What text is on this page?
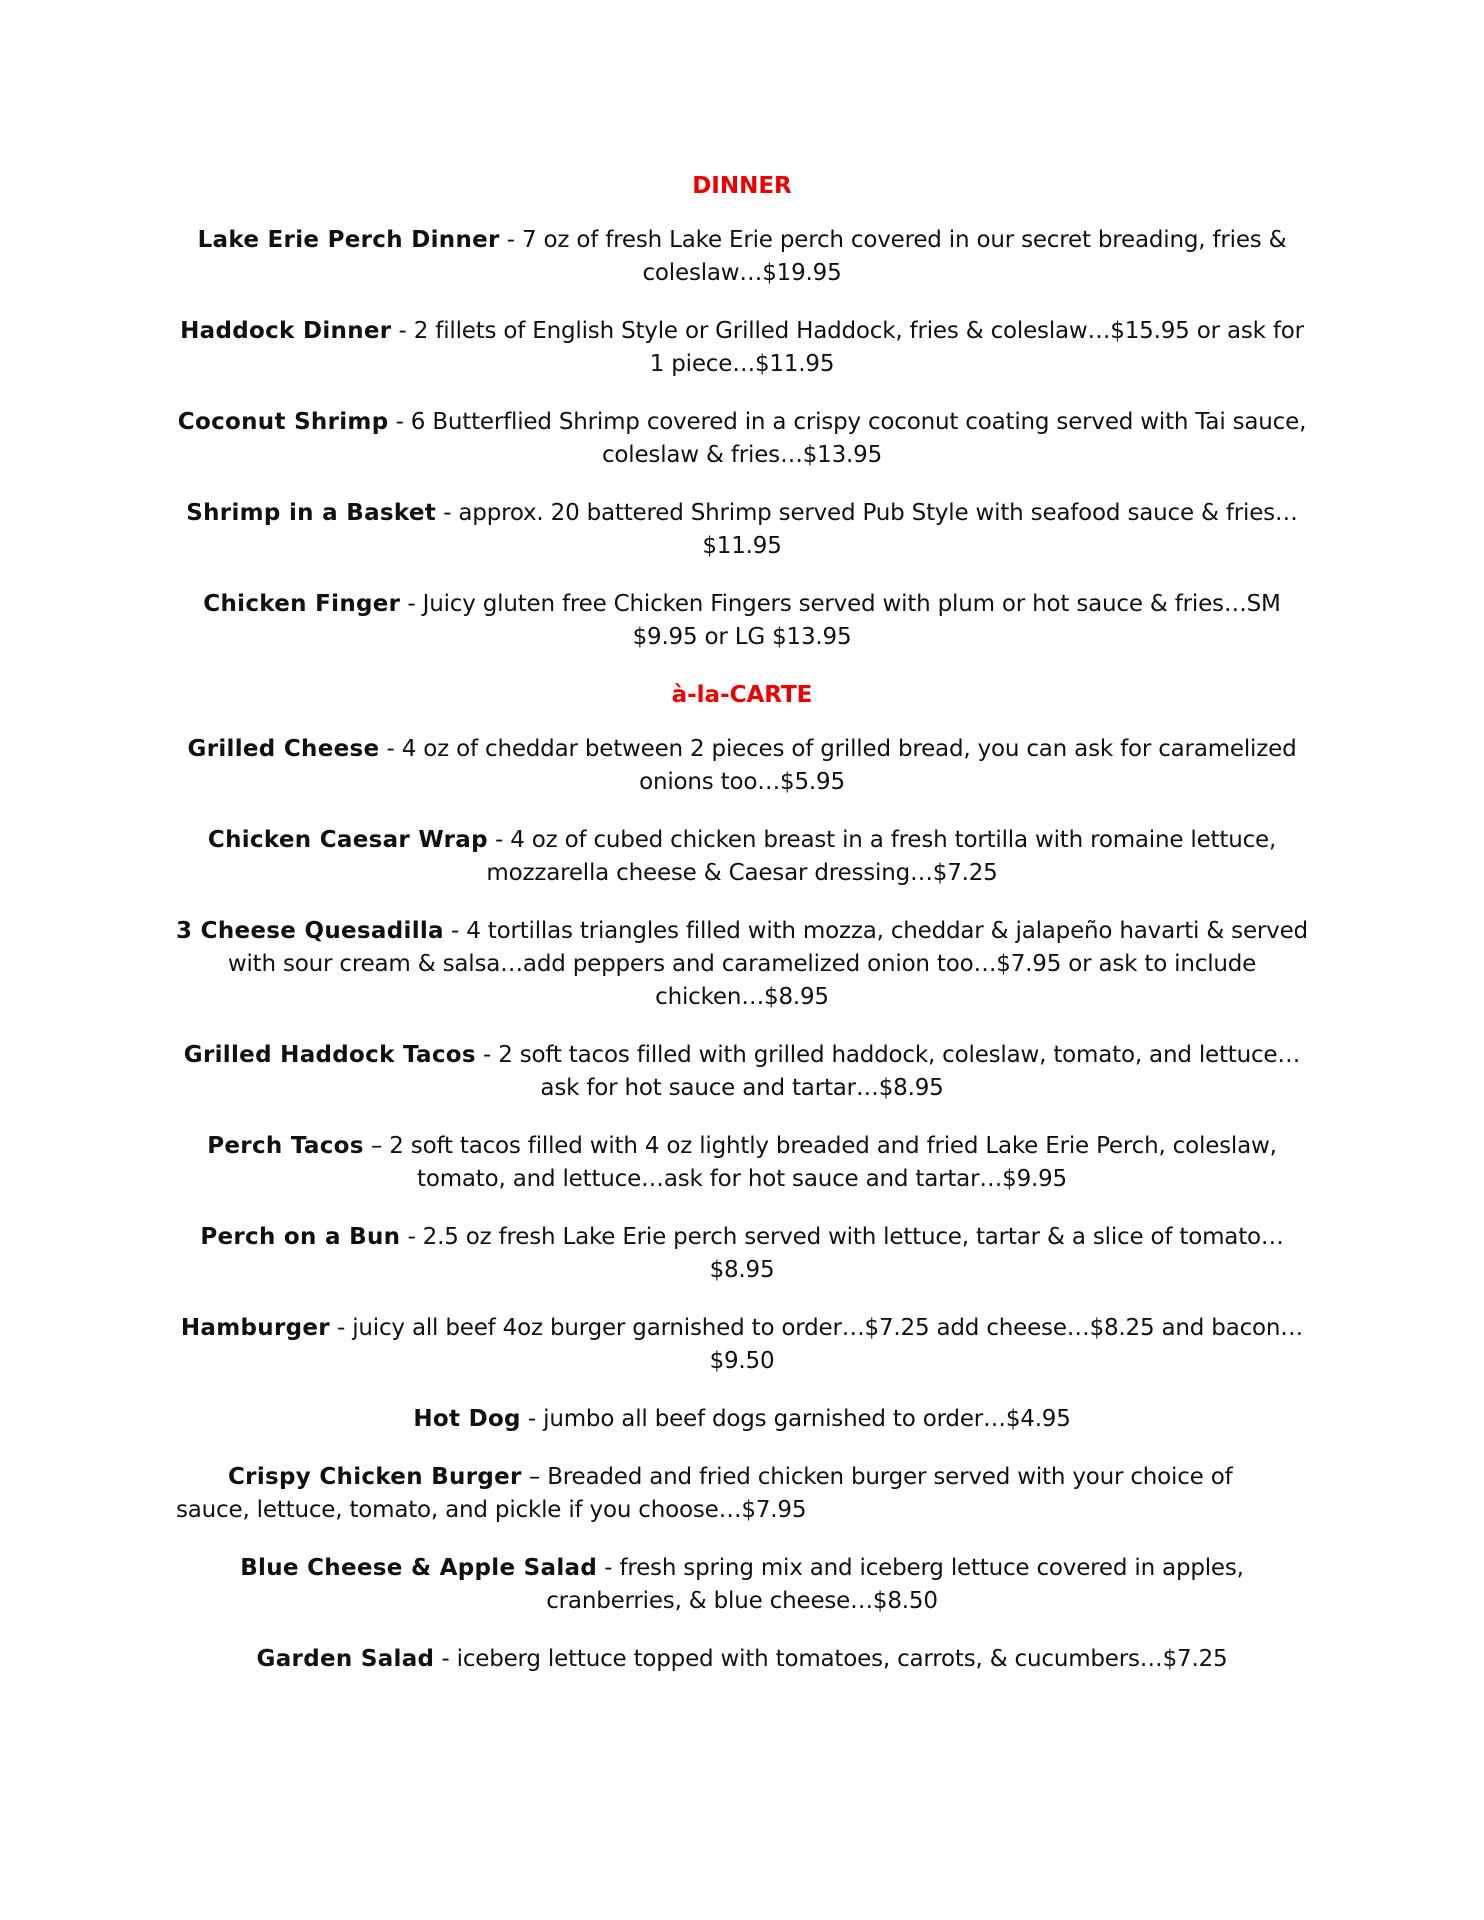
DINNER
Lake Erie Perch Dinner - 7 oz of fresh Lake Erie perch covered in our secret breading, fries & coleslaw…$19.95
Haddock Dinner - 2 fillets of English Style or Grilled Haddock, fries & coleslaw…$15.95 or ask for 1 piece…$11.95
Coconut Shrimp - 6 Butterflied Shrimp covered in a crispy coconut coating served with Tai sauce, coleslaw & fries…$13.95
Shrimp in a Basket - approx. 20 battered Shrimp served Pub Style with seafood sauce & fries…$11.95
Chicken Finger - Juicy gluten free Chicken Fingers served with plum or hot sauce & fries…SM $9.95 or LG $13.95
à-la-CARTE
Grilled Cheese - 4 oz of cheddar between 2 pieces of grilled bread, you can ask for caramelized onions too…$5.95
Chicken Caesar Wrap - 4 oz of cubed chicken breast in a fresh tortilla with romaine lettuce, mozzarella cheese & Caesar dressing…$7.25
3 Cheese Quesadilla - 4 tortillas triangles filled with mozza, cheddar & jalapeño havarti & served with sour cream & salsa…add peppers and caramelized onion too…$7.95 or ask to include chicken…$8.95
Grilled Haddock Tacos - 2 soft tacos filled with grilled haddock, coleslaw, tomato, and lettuce…ask for hot sauce and tartar…$8.95
Perch Tacos – 2 soft tacos filled with 4 oz lightly breaded and fried Lake Erie Perch, coleslaw, tomato, and lettuce…ask for hot sauce and tartar…$9.95
Perch on a Bun - 2.5 oz fresh Lake Erie perch served with lettuce, tartar & a slice of tomato…$8.95
Hamburger - juicy all beef 4oz burger garnished to order…$7.25 add cheese…$8.25 and bacon…$9.50
Hot Dog - jumbo all beef dogs garnished to order…$4.95
Crispy Chicken Burger – Breaded and fried chicken burger served with your choice of sauce, lettuce, tomato, and pickle if you choose…$7.95
Blue Cheese & Apple Salad - fresh spring mix and iceberg lettuce covered in apples, cranberries, & blue cheese…$8.50
Garden Salad - iceberg lettuce topped with tomatoes, carrots, & cucumbers…$7.25
